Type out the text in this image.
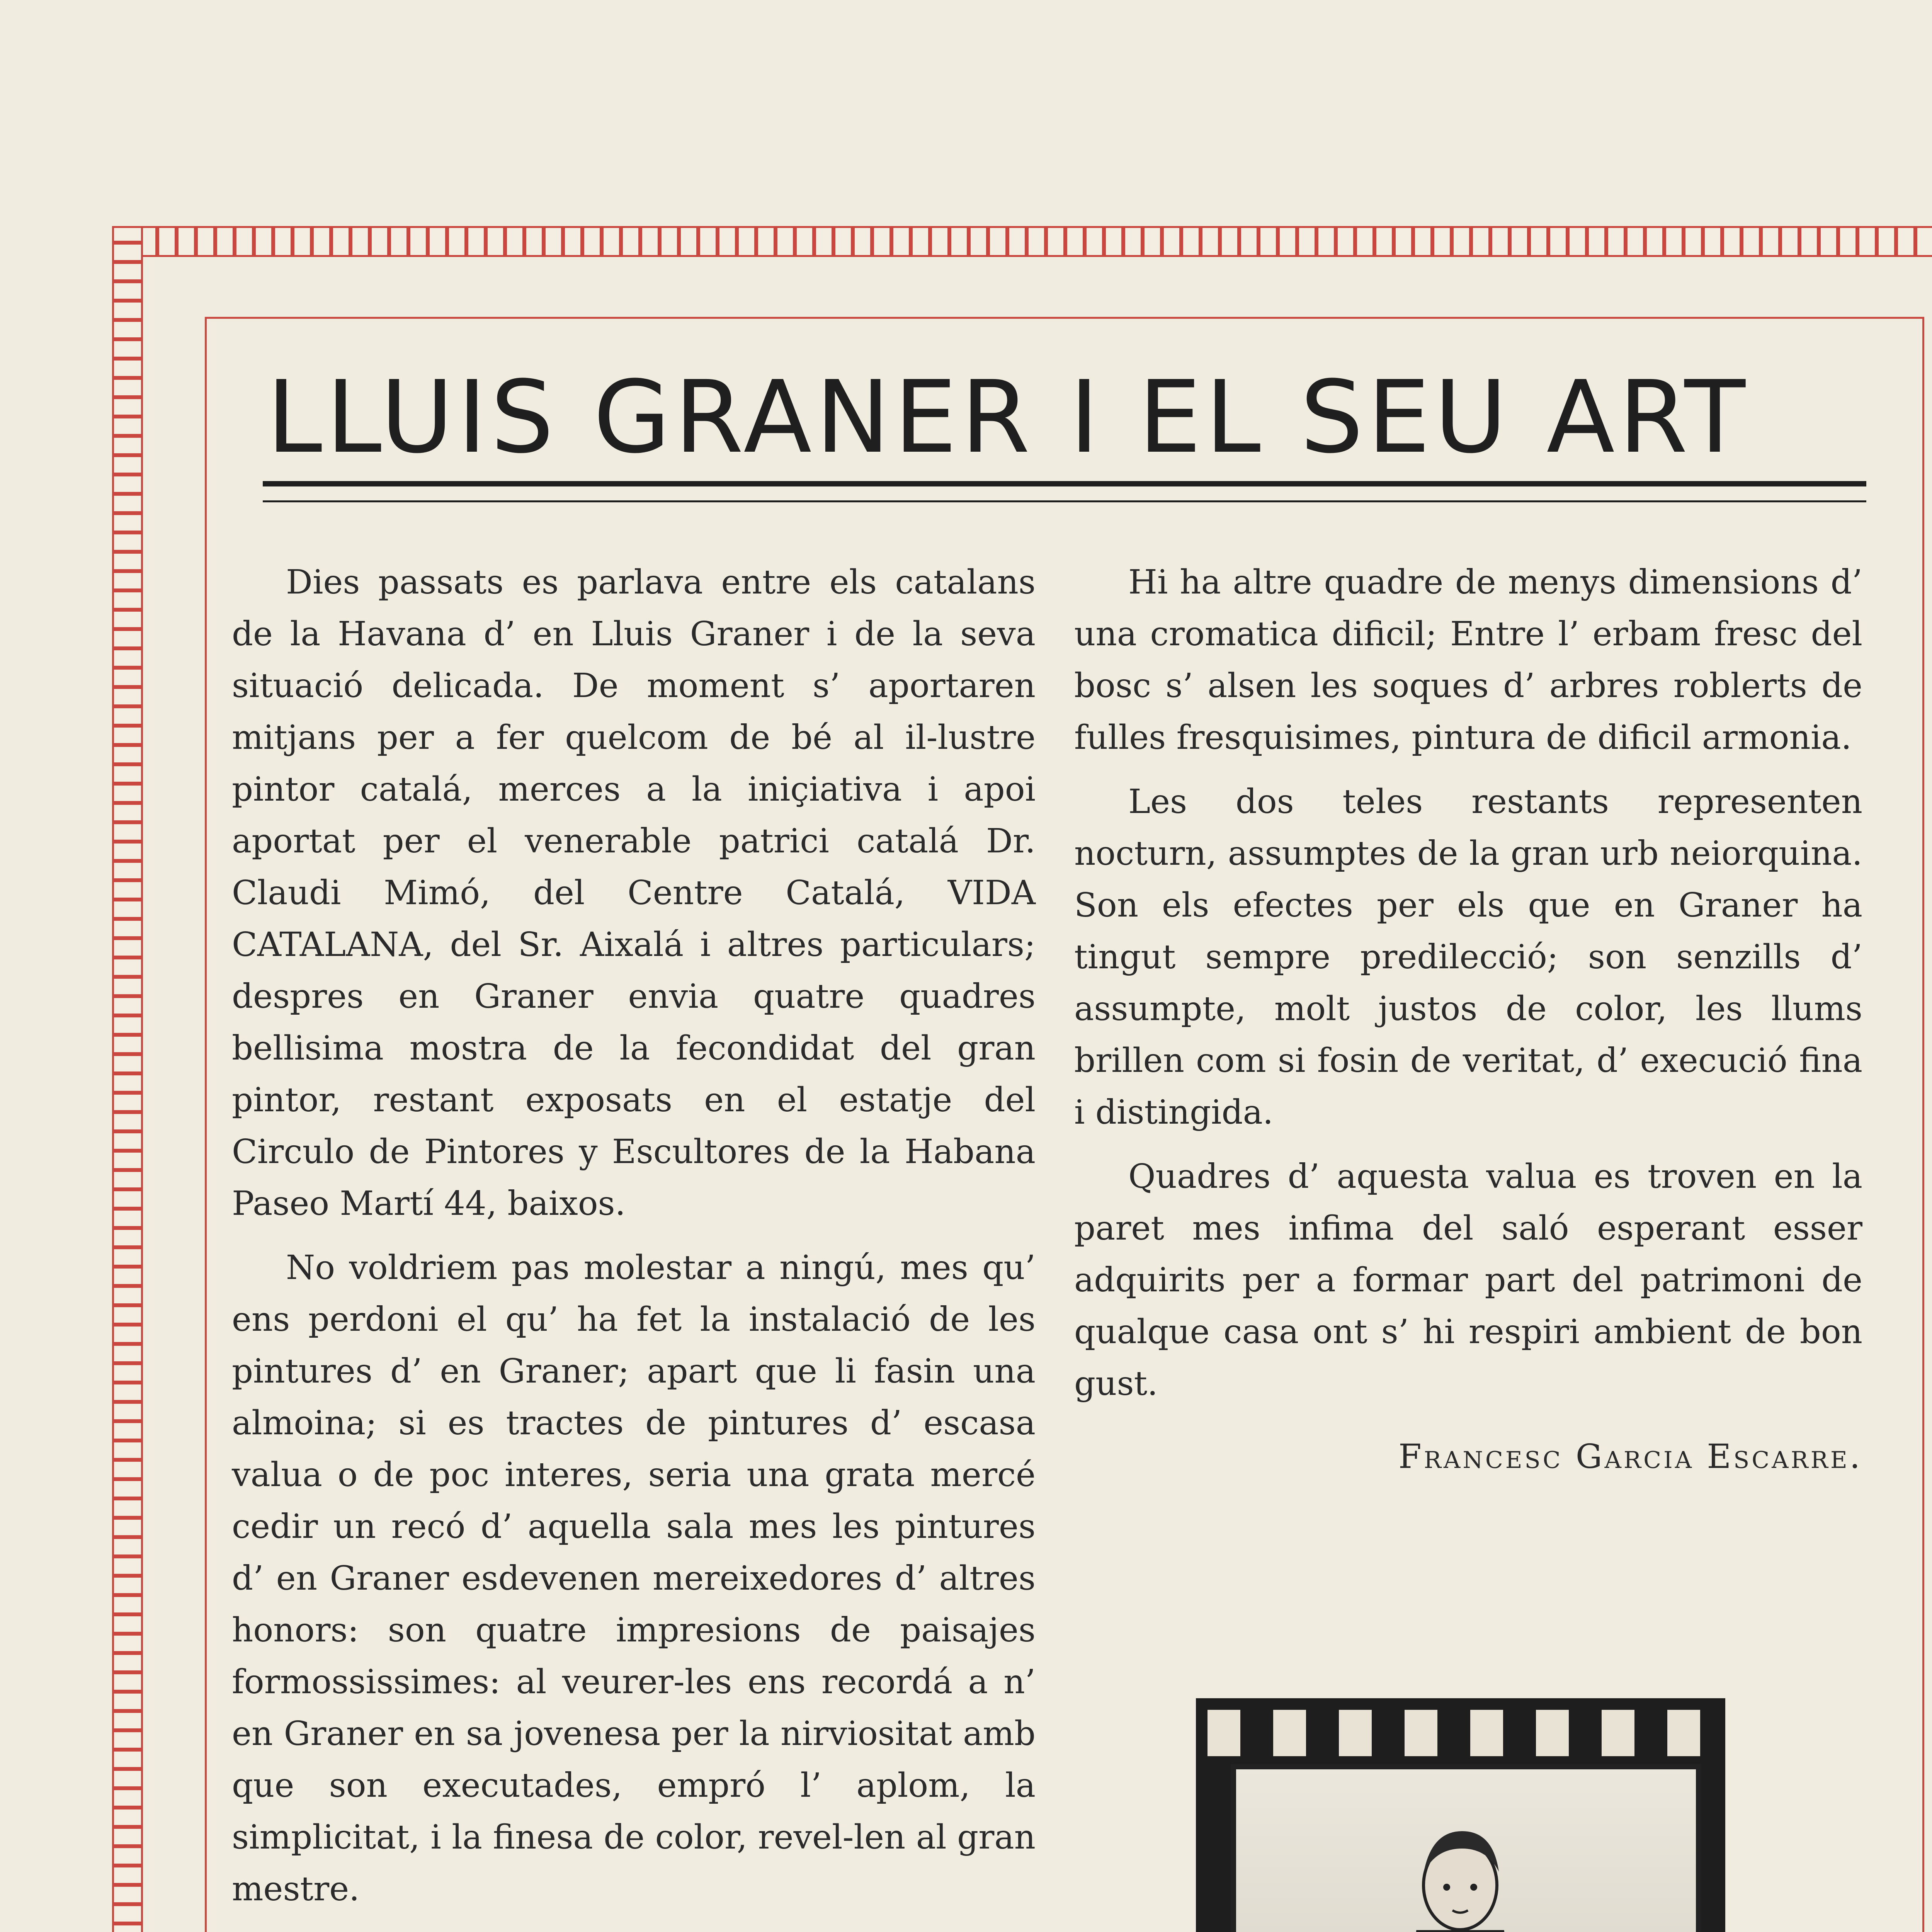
LLUIS GRANER I EL SEU ART

Dies passats es parlava entre els catalans de la Havana d’ en Lluis Graner i de la seva situació delicada. De moment s’ aportaren mitjans per a fer quelcom de bé al il-lustre pintor catalá, merces a la iniçiativa i apoi aportat per el venerable patrici catalá Dr. Claudi Mimó, del Centre Catalá, VIDA CATALANA, del Sr. Aixalá i altres particulars; despres en Graner envia quatre quadres bellisima mostra de la fecondidat del gran pintor, restant exposats en el estatje del Circulo de Pintores y Escultores de la Habana Paseo Martí 44, baixos.

No voldriem pas molestar a ningú, mes qu’ ens perdoni el qu’ ha fet la instalació de les pintures d’ en Graner; apart que li fasin una almoina; si es tractes de pintures d’ escasa valua o de poc interes, seria una grata mercé cedir un recó d’ aquella sala mes les pintures d’ en Graner esdevenen mereixedores d’ altres honors: son quatre impresions de paisajes formossissimes: al veurer-les ens recordá a n’ en Graner en sa jovenesa per la nirviositat amb que son executades, empró l’ aplom, la simplicitat, i la finesa de color, revel-len al gran mestre.

Hi ha altre quadre de menys dimensions d’ una cromatica dificil; Entre l’ erbam fresc del bosc s’ alsen les soques d’ arbres roblerts de fulles fresquisimes, pintura de dificil armonia.

Les dos teles restants representen nocturn, assumptes de la gran urb neiorquina. Son els efectes per els que en Graner ha tingut sempre predilecció; son senzills d’ assumpte, molt justos de color, les llums brillen com si fosin de veritat, d’ execució fina i distingida.

Quadres d’ aquesta valua es troven en la paret mes infima del saló esperant esser adquirits per a formar part del patrimoni de qualque casa ont s’ hi respiri ambient de bon gust.

Francesc Garcia Escarre.
